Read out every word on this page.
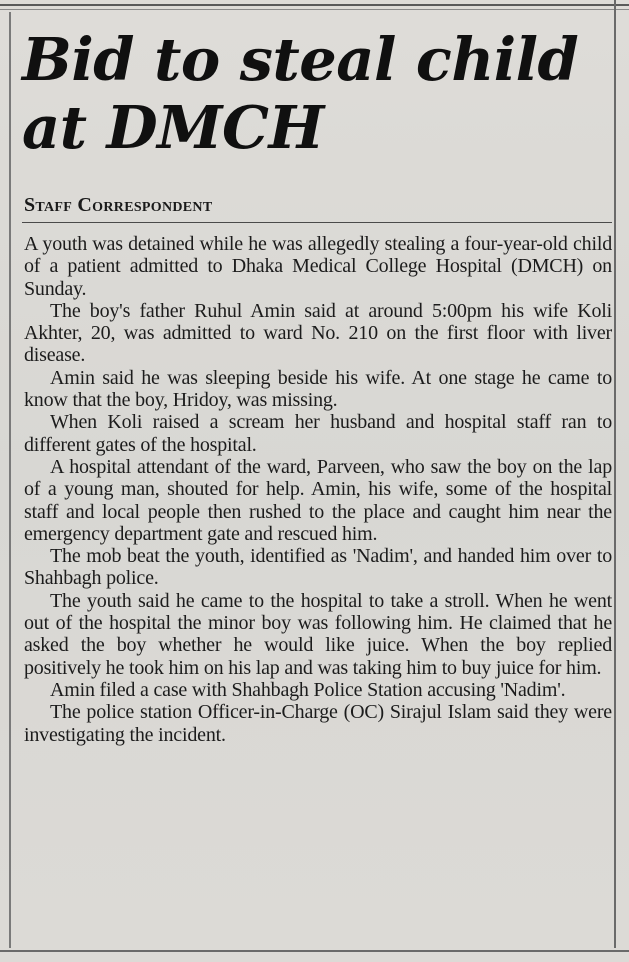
Bid to steal child
at DMCH
Staff Correspondent

A youth was detained while he was allegedly stealing a four-year-old child of a patient admitted to Dhaka Medical College Hospital (DMCH) on Sunday.

The boy's father Ruhul Amin said at around 5:00pm his wife Koli Akhter, 20, was admitted to ward No. 210 on the first floor with liver disease.

Amin said he was sleeping beside his wife. At one stage he came to know that the boy, Hridoy, was missing.

When Koli raised a scream her husband and hospital staff ran to different gates of the hospital.

A hospital attendant of the ward, Parveen, who saw the boy on the lap of a young man, shouted for help. Amin, his wife, some of the hospital staff and local people then rushed to the place and caught him near the emergency department gate and rescued him.

The mob beat the youth, identified as 'Nadim', and handed him over to Shahbagh police.

The youth said he came to the hospital to take a stroll. When he went out of the hospital the minor boy was following him. He claimed that he asked the boy whether he would like juice. When the boy replied positively he took him on his lap and was taking him to buy juice for him.

Amin filed a case with Shahbagh Police Station accusing 'Nadim'.

The police station Officer-in-Charge (OC) Sirajul Islam said they were investigating the incident.
